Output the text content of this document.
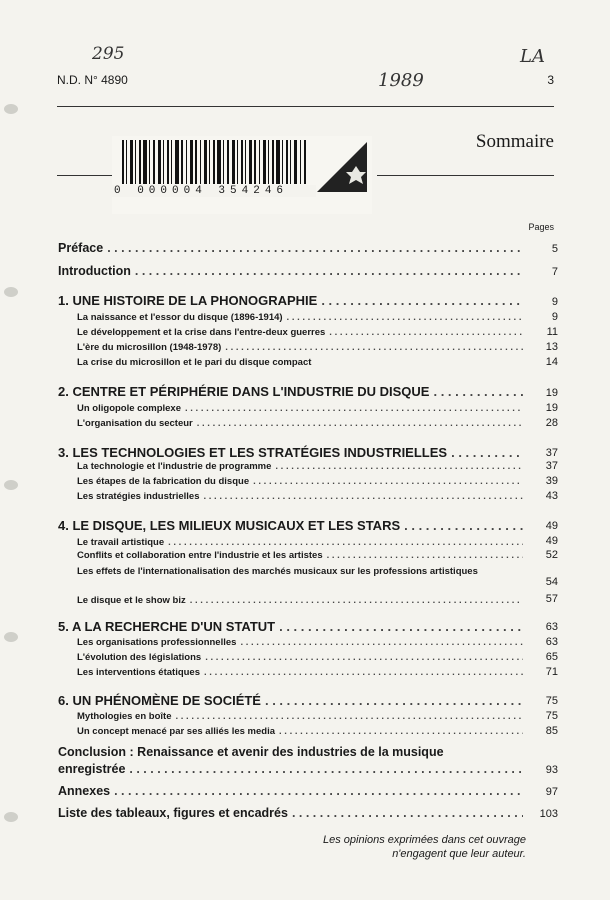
295
N.D. N° 4890	1989
LA
3
Sommaire
0 000004 354246
Pages
Préface . . .	5
Introduction . . .	7
1. UNE HISTOIRE DE LA PHONOGRAPHIE . . .	9
La naissance et l'essor du disque (1896-1914) . . .	9
Le développement et la crise dans l'entre-deux guerres . . .	11
L'ère du microsillon (1948-1978) . . .	13
La crise du microsillon et le pari du disque compact	14
2. CENTRE ET PÉRIPHÉRIE DANS L'INDUSTRIE DU DISQUE . . .	19
Un oligopole complexe . . .	19
L'organisation du secteur . . .	28
3. LES TECHNOLOGIES ET LES STRATÉGIES INDUSTRIELLES . . .	37
La technologie et l'industrie de programme . . .	37
Les étapes de la fabrication du disque . . .	39
Les stratégies industrielles . . .	43
4. LE DISQUE, LES MILIEUX MUSICAUX ET LES STARS . . .	49
Le travail artistique . . .	49
Conflits et collaboration entre l'industrie et les artistes . . .	52
Les effets de l'internationalisation des marchés musicaux sur les professions artistiques
54
Le disque et le show biz . . .	57
5. A LA RECHERCHE D'UN STATUT . . .	63
Les organisations professionnelles . . .	63
L'évolution des législations . . .	65
Les interventions étatiques . . .	71
6. UN PHÉNOMÈNE DE SOCIÉTÉ . . .	75
Mythologies en boîte . . .	75
Un concept menacé par ses alliés les media . . .	85
Conclusion : Renaissance et avenir des industries de la musique
enregistrée . . .	93
Annexes . . .	97
Liste des tableaux, figures et encadrés . . .	103
Les opinions exprimées dans cet ouvrage
n'engagent que leur auteur.
